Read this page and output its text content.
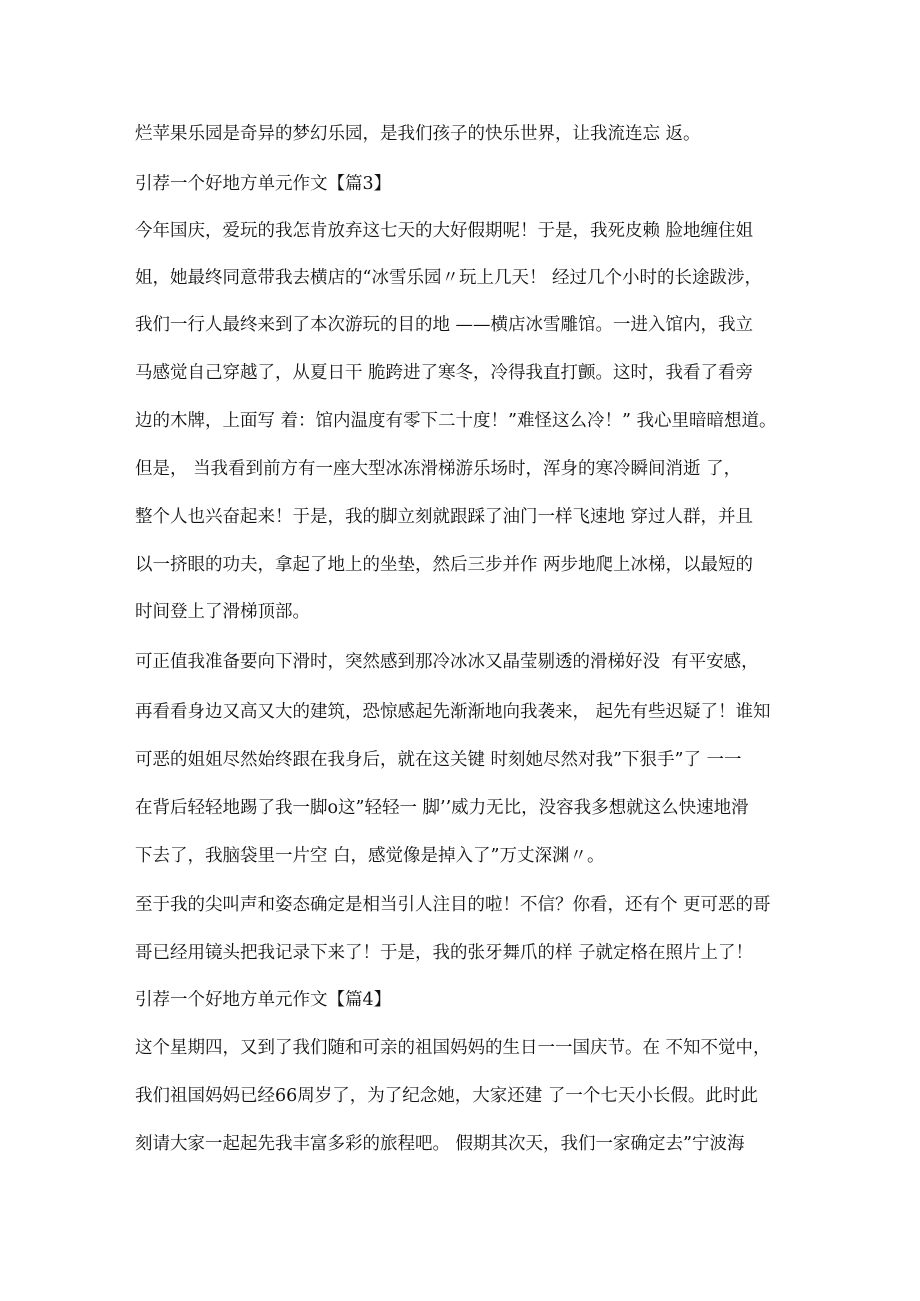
烂苹果乐园是奇异的梦幻乐园，是我们孩子的快乐世界，让我流连忘 返。
引荐一个好地方单元作文【篇3】
今年国庆，爱玩的我怎肯放弃这七天的大好假期呢！于是，我死皮赖 脸地缠住姐
姐，她最终同意带我去横店的“冰雪乐园〃玩上几天！ 经过几个小时的长途跋涉，
我们一行人最终来到了本次游玩的目的地 ——横店冰雪雕馆。一进入馆内，我立
马感觉自己穿越了，从夏日干 脆跨进了寒冬，冷得我直打颤。这时，我看了看旁
边的木牌，上面写 着：馆内温度有零下二十度！”难怪这么冷！” 我心里暗暗想道。
但是， 当我看到前方有一座大型冰冻滑梯游乐场时，浑身的寒冷瞬间消逝 了，
整个人也兴奋起来！于是，我的脚立刻就跟踩了油门一样飞速地 穿过人群，并且
以一挤眼的功夫，拿起了地上的坐垫，然后三步并作 两步地爬上冰梯，以最短的
时间登上了滑梯顶部。
可正值我准备要向下滑时，突然感到那冷冰冰又晶莹剔透的滑梯好没  有平安感，
再看看身边又高又大的建筑，恐惊感起先渐渐地向我袭来， 起先有些迟疑了！谁知
可恶的姐姐尽然始终跟在我身后，就在这关键 时刻她尽然对我”下狠手”了 一一
在背后轻轻地踢了我一脚o这”轻轻一 脚’’威力无比，没容我多想就这么快速地滑
下去了，我脑袋里一片空 白，感觉像是掉入了”万丈深渊〃。
至于我的尖叫声和姿态确定是相当引人注目的啦！不信？你看，还有个 更可恶的哥
哥已经用镜头把我记录下来了！于是，我的张牙舞爪的样 子就定格在照片上了！
引荐一个好地方单元作文【篇4】
这个星期四，又到了我们随和可亲的祖国妈妈的生日一一国庆节。在 不知不觉中，
我们祖国妈妈已经66周岁了，为了纪念她，大家还建 了一个七天小长假。此时此
刻请大家一起起先我丰富多彩的旅程吧。 假期其次天，我们一家确定去”宁波海
